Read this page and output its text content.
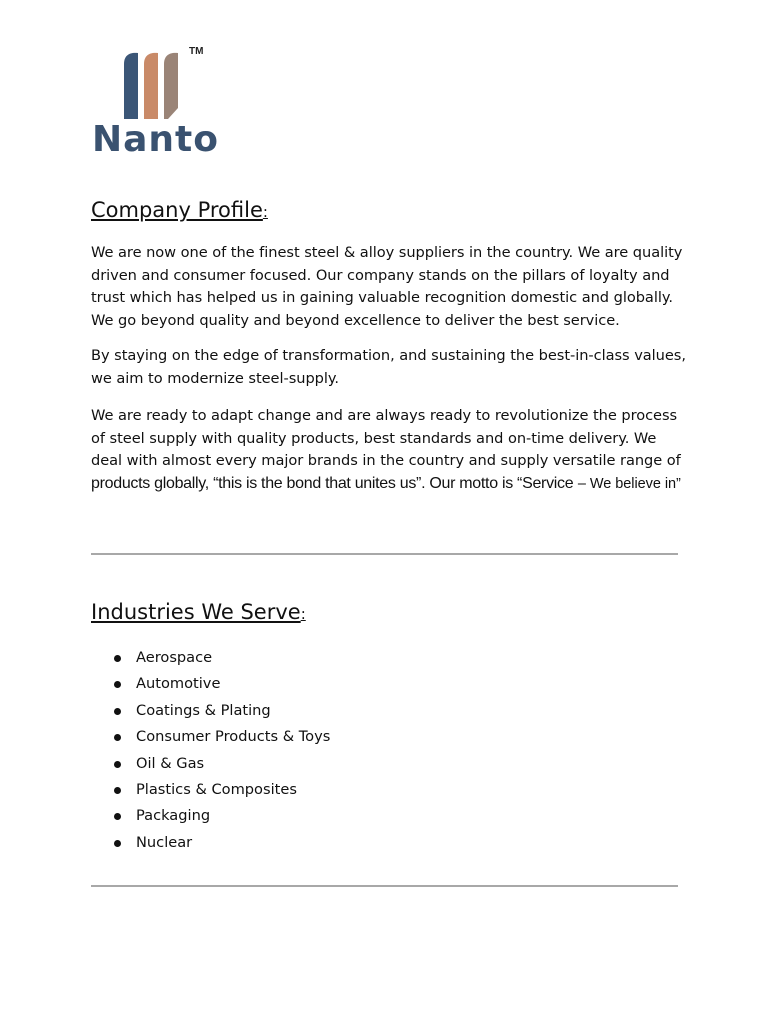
TM
Nanto
Company Profile:

We are now one of the finest steel & alloy suppliers in the country. We are quality driven and consumer focused. Our company stands on the pillars of loyalty and trust which has helped us in gaining valuable recognition domestic and globally. We go beyond quality and beyond excellence to deliver the best service.

By staying on the edge of transformation, and sustaining the best-in-class values, we aim to modernize steel-supply.

We are ready to adapt change and are always ready to revolutionize the process of steel supply with quality products, best standards and on-time delivery. We deal with almost every major brands in the country and supply versatile range of products globally, “this is the bond that unites us”. Our motto is “Service – We believe in”

Industries We Serve:
Aerospace
Automotive
Coatings & Plating
Consumer Products & Toys
Oil & Gas
Plastics & Composites
Packaging
Nuclear
